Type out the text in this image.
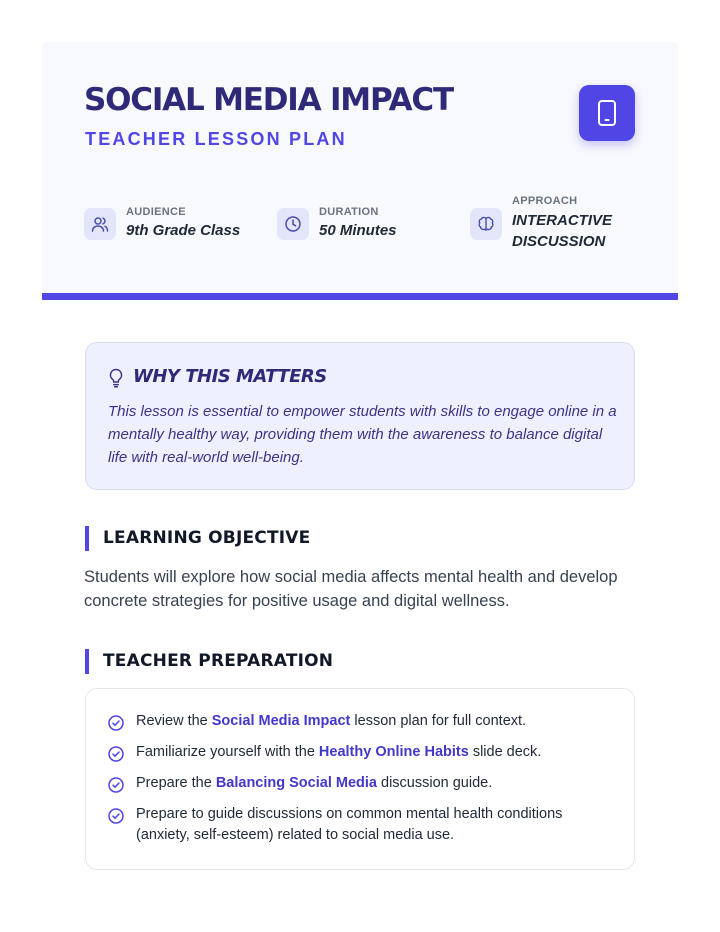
SOCIAL MEDIA IMPACT
TEACHER LESSON PLAN
AUDIENCE
9th Grade Class
DURATION
50 Minutes
APPROACH
INTERACTIVE
DISCUSSION
WHY THIS MATTERS

This lesson is essential to empower students with skills to engage online in a mentally healthy way, providing them with the awareness to balance digital life with real-world well-being.

LEARNING OBJECTIVE

Students will explore how social media affects mental health and develop concrete strategies for positive usage and digital wellness.

TEACHER PREPARATION
Review the Social Media Impact lesson plan for full context.
Familiarize yourself with the Healthy Online Habits slide deck.
Prepare the Balancing Social Media discussion guide.
Prepare to guide discussions on common mental health conditions (anxiety, self-esteem) related to social media use.
